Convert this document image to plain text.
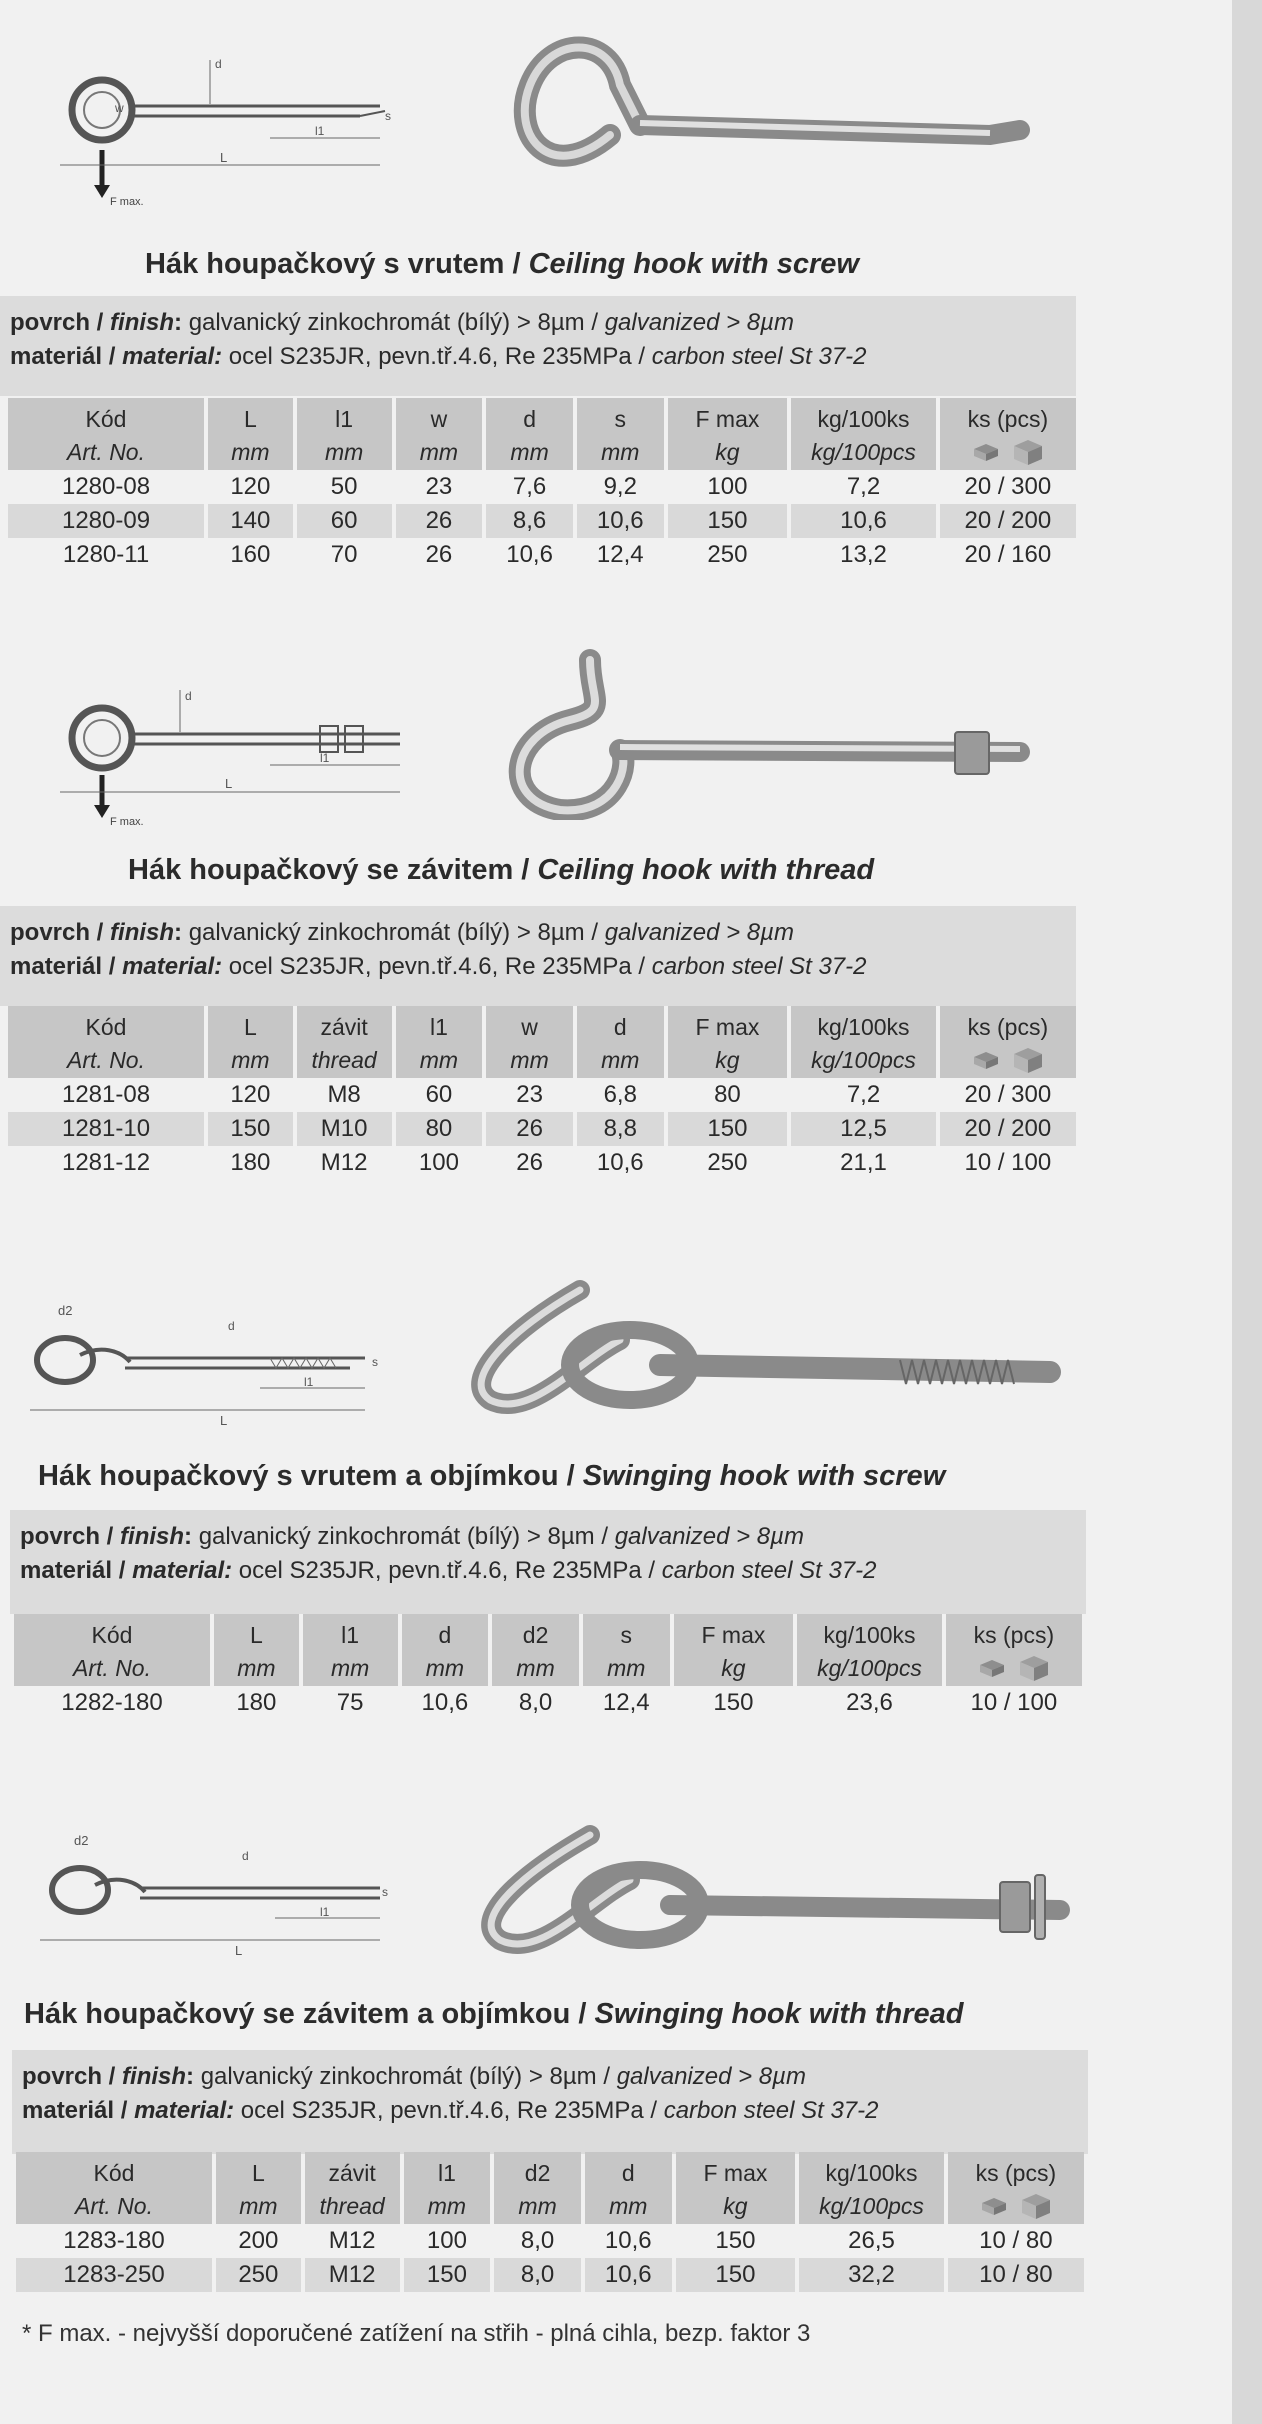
w
d
L
l1
s
F max.
Hák houpačkový s vrutem / Ceiling hook with screw
povrch / finish: galvanický zinkochromát (bílý) > 8µm / galvanized > 8µm
materiál / material: ocel S235JR, pevn.tř.4.6, Re 235MPa / carbon steel St 37-2
Kód	L	l1	w	d	s	F max	kg/100ks	ks (pcs)
Art. No.	mm	mm	mm	mm	mm	kg	kg/100pcs	
1280-08	120	50	23	7,6	9,2	100	7,2	20 / 300
1280-09	140	60	26	8,6	10,6	150	10,6	20 / 200
1280-11	160	70	26	10,6	12,4	250	13,2	20 / 160
d
L
l1
F max.
Hák houpačkový se závitem / Ceiling hook with thread
povrch / finish: galvanický zinkochromát (bílý) > 8µm / galvanized > 8µm
materiál / material: ocel S235JR, pevn.tř.4.6, Re 235MPa / carbon steel St 37-2
Kód	L	závit	l1	w	d	F max	kg/100ks	ks (pcs)
Art. No.	mm	thread	mm	mm	mm	kg	kg/100pcs	
1281-08	120	M8	60	23	6,8	80	7,2	20 / 300
1281-10	150	M10	80	26	8,8	150	12,5	20 / 200
1281-12	180	M12	100	26	10,6	250	21,1	10 / 100
d2
d
L
l1
s
Hák houpačkový s vrutem a objímkou / Swinging hook with screw
povrch / finish: galvanický zinkochromát (bílý) > 8µm / galvanized > 8µm
materiál / material: ocel S235JR, pevn.tř.4.6, Re 235MPa / carbon steel St 37-2
Kód	L	l1	d	d2	s	F max	kg/100ks	ks (pcs)
Art. No.	mm	mm	mm	mm	mm	kg	kg/100pcs	
1282-180	180	75	10,6	8,0	12,4	150	23,6	10 / 100
d2
d
L
l1
s
Hák houpačkový se závitem a objímkou / Swinging hook with thread
povrch / finish: galvanický zinkochromát (bílý) > 8µm / galvanized > 8µm
materiál / material: ocel S235JR, pevn.tř.4.6, Re 235MPa / carbon steel St 37-2
Kód	L	závit	l1	d2	d	F max	kg/100ks	ks (pcs)
Art. No.	mm	thread	mm	mm	mm	kg	kg/100pcs	
1283-180	200	M12	100	8,0	10,6	150	26,5	10 / 80
1283-250	250	M12	150	8,0	10,6	150	32,2	10 / 80
* F max. - nejvyšší doporučené zatížení na střih - plná cihla, bezp. faktor 3
